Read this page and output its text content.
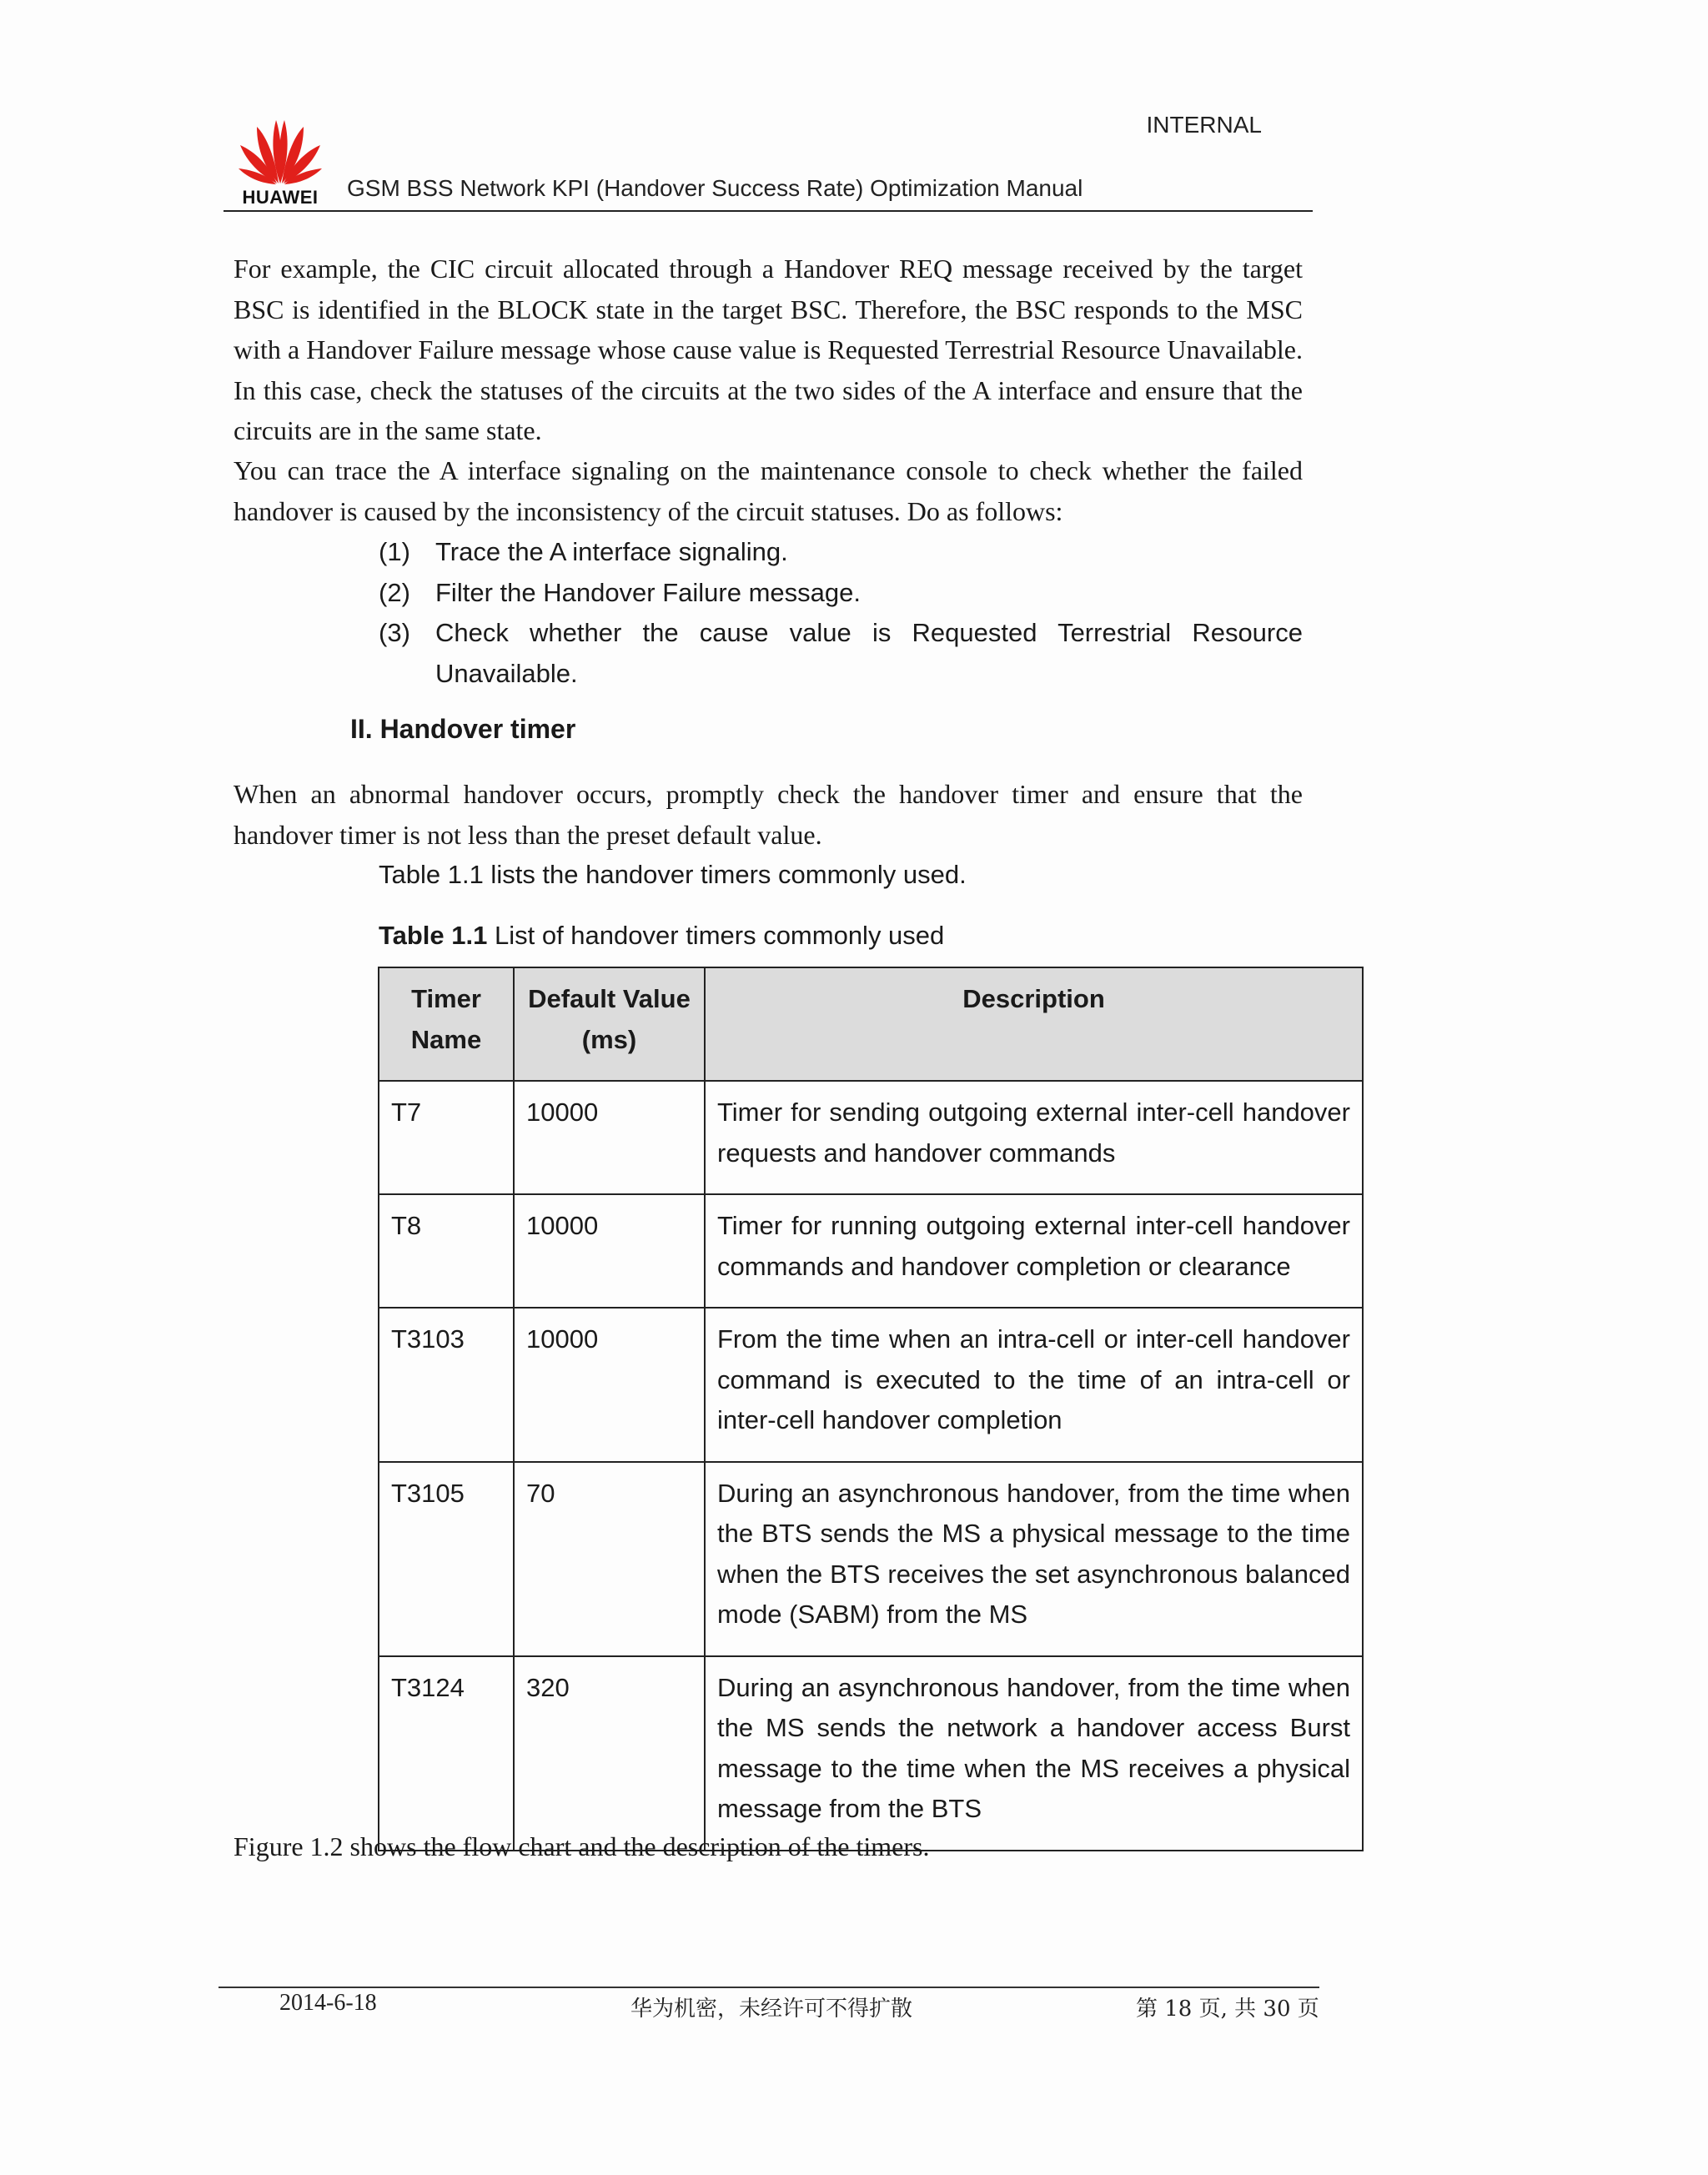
HUAWEI
INTERNAL
GSM BSS Network KPI (Handover Success Rate) Optimization Manual

For example, the CIC circuit allocated through a Handover REQ message received by the target BSC is identified in the BLOCK state in the target BSC. Therefore, the BSC responds to the MSC with a Handover Failure message whose cause value is Requested Terrestrial Resource Unavailable. In this case, check the statuses of the circuits at the two sides of the A interface and ensure that the circuits are in the same state.

You can trace the A interface signaling on the maintenance console to check whether the failed handover is caused by the inconsistency of the circuit statuses. Do as follows:

(1) Trace the A interface signaling.
(2) Filter the Handover Failure message.
(3) Check whether the cause value is Requested Terrestrial Resource Unavailable.
II. Handover timer

When an abnormal handover occurs, promptly check the handover timer and ensure that the handover timer is not less than the preset default value.

Table 1.1 lists the handover timers commonly used.

Table 1.1 List of handover timers commonly used

Timer Name	Default Value (ms)	Description
T7	10000	Timer for sending outgoing external inter-cell handover requests and handover commands
T8	10000	Timer for running outgoing external inter-cell handover commands and handover completion or clearance
T3103	10000	From the time when an intra-cell or inter-cell handover command is executed to the time of an intra-cell or inter-cell handover completion
T3105	70	During an asynchronous handover, from the time when the BTS sends the MS a physical message to the time when the BTS receives the set asynchronous balanced mode (SABM) from the MS
T3124	320	During an asynchronous handover, from the time when the MS sends the network a handover access Burst message to the time when the MS receives a physical message from the BTS

Figure 1.2 shows the flow chart and the description of the timers.

2014-6-18	华为机密，未经许可不得扩散	第 18 页, 共 30 页
